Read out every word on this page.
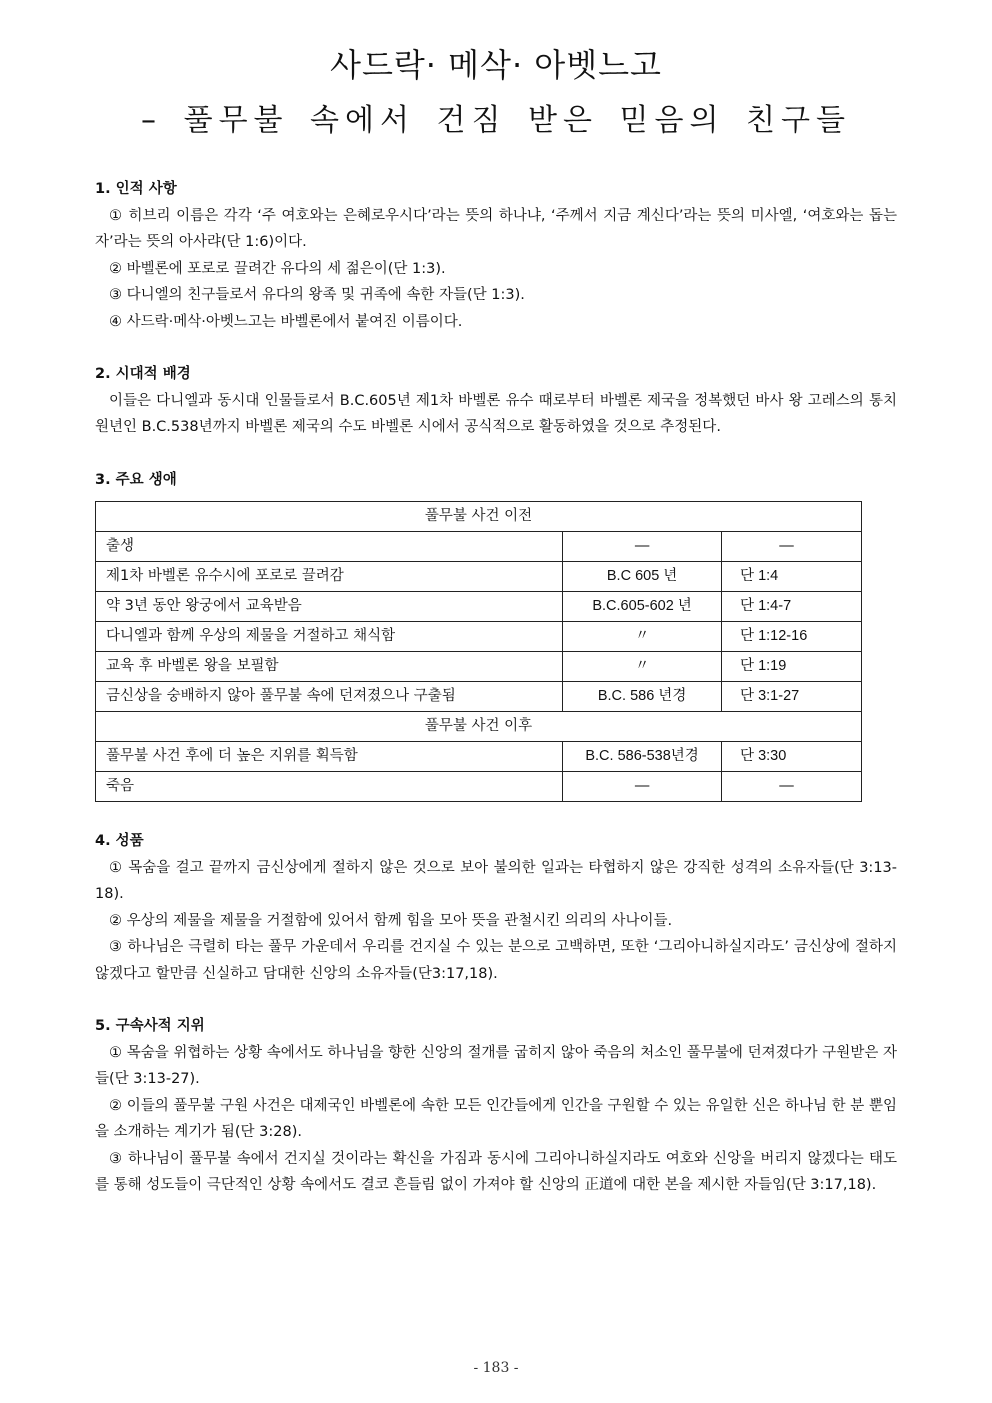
사드락· 메삭· 아벳느고
– 풀무불 속에서 건짐 받은 믿음의 친구들

1. 인적 사항

① 히브리 이름은 각각 ‘주 여호와는 은혜로우시다’라는 뜻의 하나냐, ‘주께서 지금 계신다’라는 뜻의 미사엘, ‘여호와는 돕는 자’라는 뜻의 아사랴(단 1:6)이다.

② 바벨론에 포로로 끌려간 유다의 세 젊은이(단 1:3).

③ 다니엘의 친구들로서 유다의 왕족 및 귀족에 속한 자들(단 1:3).

④ 사드락·메삭·아벳느고는 바벨론에서 붙여진 이름이다.

2. 시대적 배경

이들은 다니엘과 동시대 인물들로서 B.C.605년 제1차 바벨론 유수 때로부터 바벨론 제국을 정복했던 바사 왕 고레스의 통치 원년인 B.C.538년까지 바벨론 제국의 수도 바벨론 시에서 공식적으로 활동하였을 것으로 추정된다.

3. 주요 생애

풀무불 사건 이전		
출생	—	—
제1차 바벨론 유수시에 포로로 끌려감	B.C 605 년	단 1:4
약 3년 동안 왕궁에서 교육받음	B.C.605-602 년	단 1:4-7
다니엘과 함께 우상의 제물을 거절하고 채식함	〃	단 1:12-16
교육 후 바벨론 왕을 보필함	〃	단 1:19
금신상을 숭배하지 않아 풀무불 속에 던져졌으나 구출됨	B.C. 586 년경	단 3:1-27
풀무불 사건 이후		
풀무불 사건 후에 더 높은 지위를 획득함	B.C. 586-538년경	단 3:30
죽음	—	—

4. 성품

① 목숨을 걸고 끝까지 금신상에게 절하지 않은 것으로 보아 불의한 일과는 타협하지 않은 강직한 성격의 소유자들(단 3:13-18).

② 우상의 제물을 제물을 거절함에 있어서 함께 힘을 모아 뜻을 관철시킨 의리의 사나이들.

③ 하나님은 극렬히 타는 풀무 가운데서 우리를 건지실 수 있는 분으로 고백하면, 또한 ‘그리아니하실지라도’ 금신상에 절하지 않겠다고 할만큼 신실하고 담대한 신앙의 소유자들(단3:17,18).

5. 구속사적 지위

① 목숨을 위협하는 상황 속에서도 하나님을 향한 신앙의 절개를 굽히지 않아 죽음의 처소인 풀무불에 던져졌다가 구원받은 자들(단 3:13-27).

② 이들의 풀무불 구원 사건은 대제국인 바벨론에 속한 모든 인간들에게 인간을 구원할 수 있는 유일한 신은 하나님 한 분 뿐임을 소개하는 계기가 됨(단 3:28).

③ 하나님이 풀무불 속에서 건지실 것이라는 확신을 가짐과 동시에 그리아니하실지라도 여호와 신앙을 버리지 않겠다는 태도를 통해 성도들이 극단적인 상황 속에서도 결코 흔들림 없이 가져야 할 신앙의 正道에 대한 본을 제시한 자들임(단 3:17,18).

- 183 -
